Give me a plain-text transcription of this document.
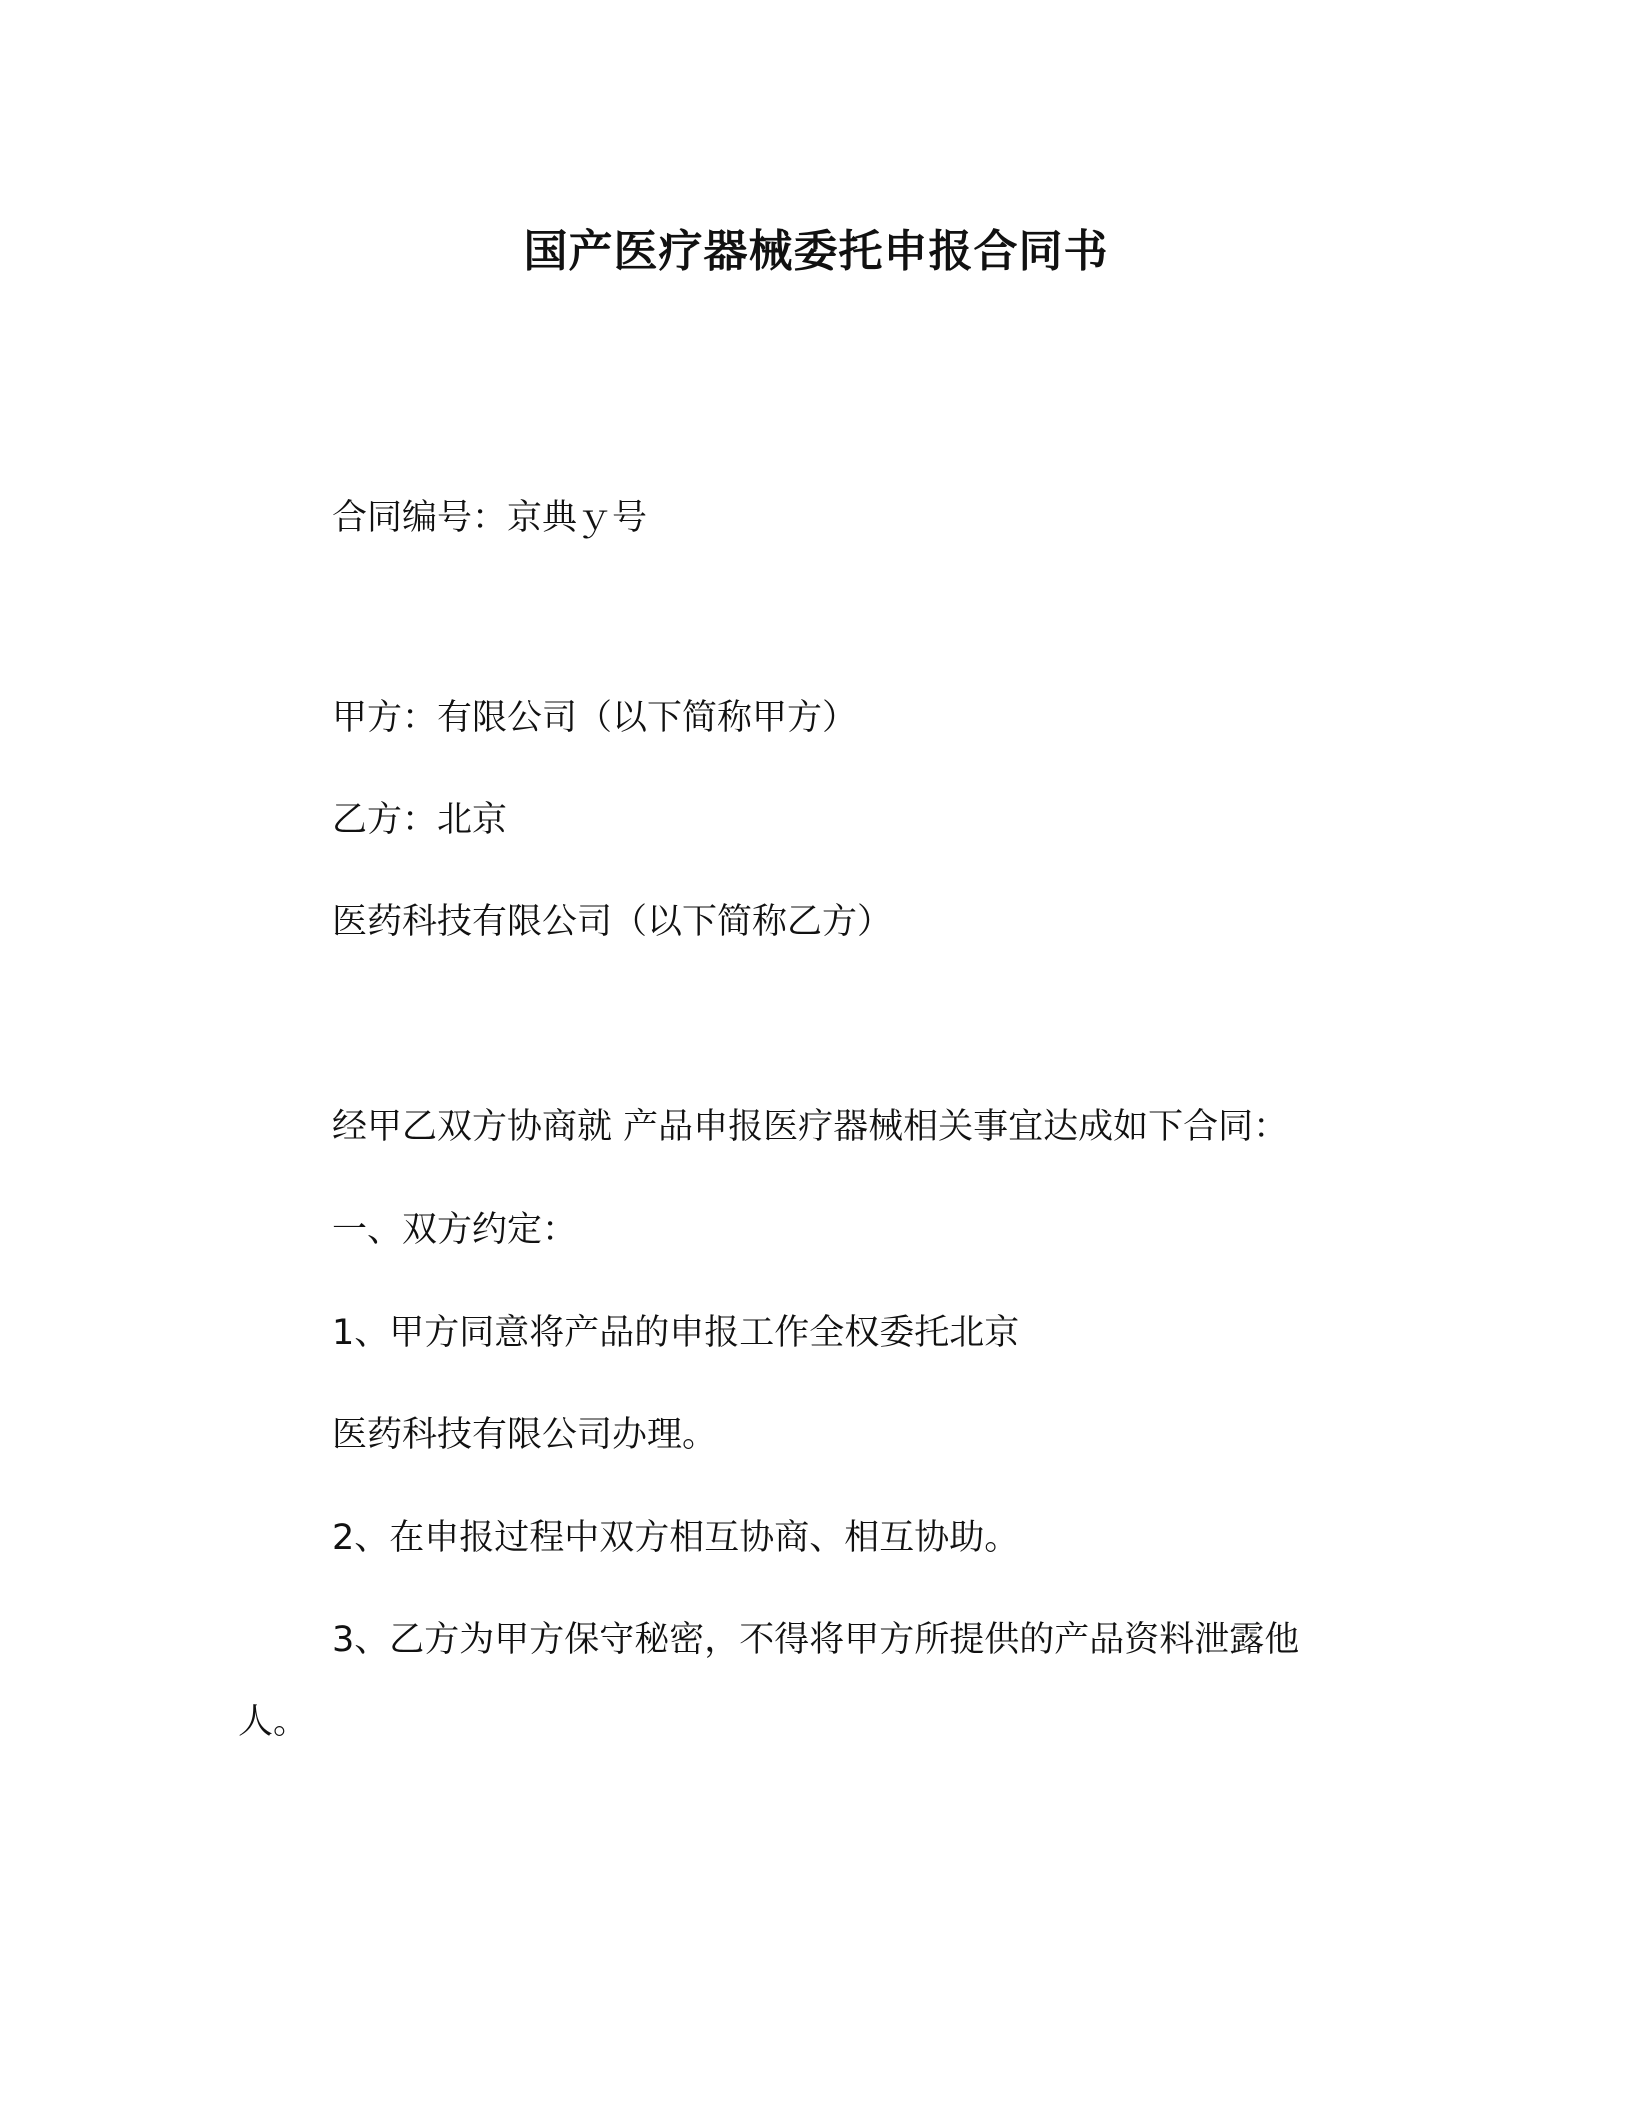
国产医疗器械委托申报合同书
合同编号：京典ｙ号
甲方：有限公司（以下简称甲方）
乙方：北京
医药科技有限公司（以下简称乙方）
经甲乙双方协商就 产品申报医疗器械相关事宜达成如下合同：
一、双方约定：
1、甲方同意将产品的申报工作全权委托北京
医药科技有限公司办理。
2、在申报过程中双方相互协商、相互协助。
3、乙方为甲方保守秘密，不得将甲方所提供的产品资料泄露他
人。
